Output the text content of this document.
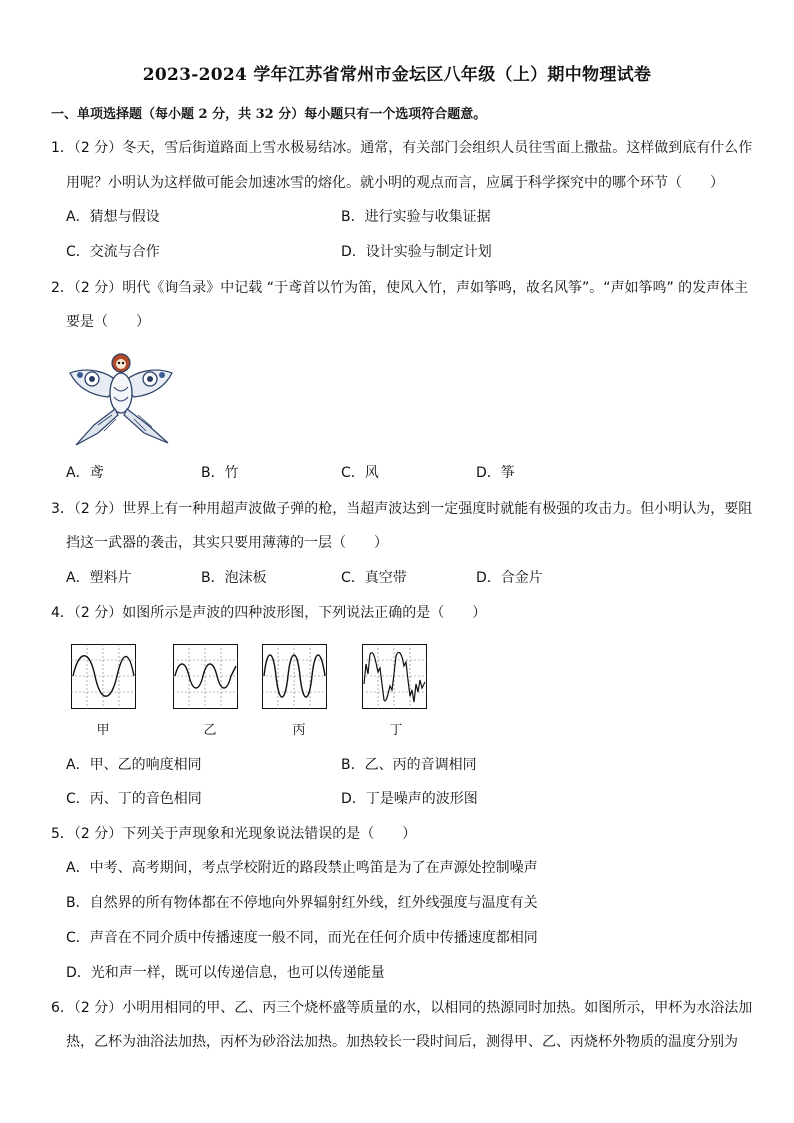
2023-2024 学年江苏省常州市金坛区八年级（上）期中物理试卷
一、单项选择题（每小题 2 分，共 32 分）每小题只有一个选项符合题意。
1．（2 分）冬天，雪后街道路面上雪水极易结冰。通常，有关部门会组织人员往雪面上撒盐。这样做到底有什么作
用呢？小明认为这样做可能会加速冰雪的熔化。就小明的观点而言，应属于科学探究中的哪个环节（　　）
A．猜想与假设	B．进行实验与收集证据
C．交流与合作	D．设计实验与制定计划
2．（2 分）明代《询刍录》中记载 “于鸢首以竹为笛，使风入竹，声如筝鸣，故名风筝”。“声如筝鸣” 的发声体主
要是（　　）
A．鸢	B．竹	C．风	D．筝
3．（2 分）世界上有一种用超声波做子弹的枪，当超声波达到一定强度时就能有极强的攻击力。但小明认为，要阻
挡这一武器的袭击，其实只要用薄薄的一层（　　）
A．塑料片	B．泡沫板	C．真空带	D．合金片
4．（2 分）如图所示是声波的四种波形图，下列说法正确的是（　　）
甲	乙	丙	丁
A．甲、乙的响度相同	B．乙、丙的音调相同
C．丙、丁的音色相同	D．丁是噪声的波形图
5．（2 分）下列关于声现象和光现象说法错误的是（　　）
A．中考、高考期间，考点学校附近的路段禁止鸣笛是为了在声源处控制噪声
B．自然界的所有物体都在不停地向外界辐射红外线，红外线强度与温度有关
C．声音在不同介质中传播速度一般不同，而光在任何介质中传播速度都相同
D．光和声一样，既可以传递信息，也可以传递能量
6．（2 分）小明用相同的甲、乙、丙三个烧杯盛等质量的水，以相同的热源同时加热。如图所示，甲杯为水浴法加
热，乙杯为油浴法加热，丙杯为砂浴法加热。加热较长一段时间后，测得甲、乙、丙烧杯外物质的温度分别为
